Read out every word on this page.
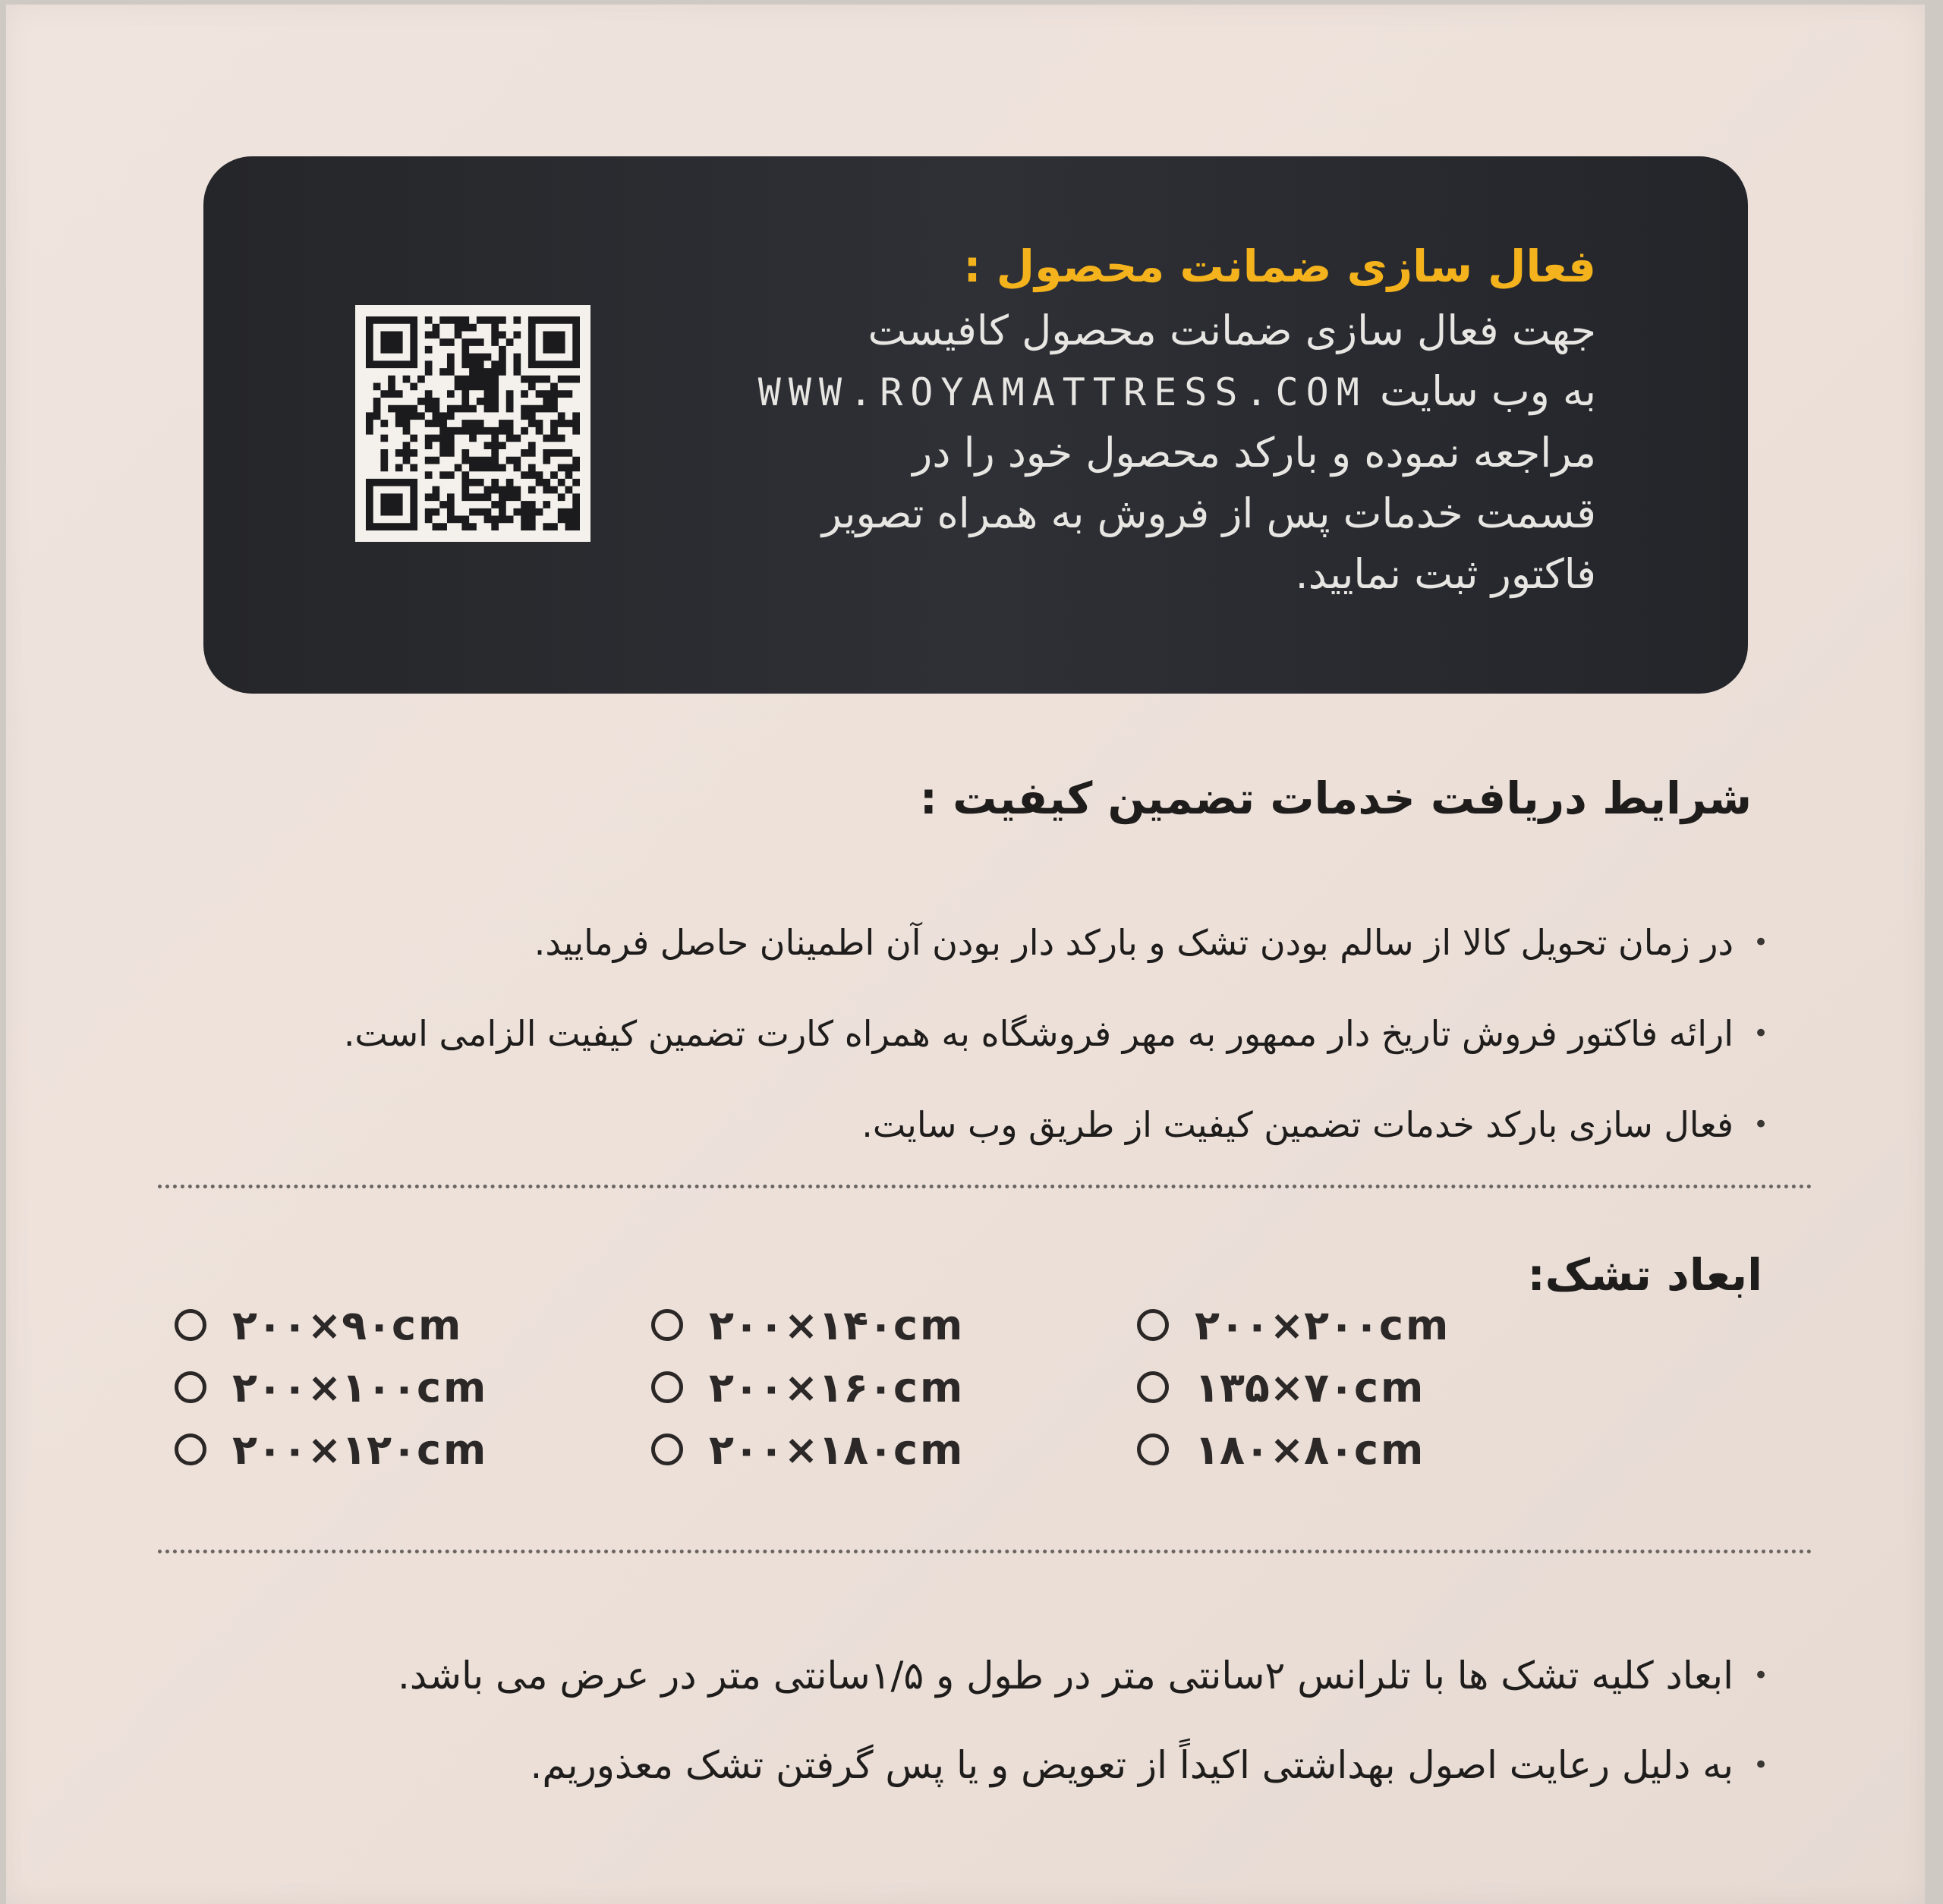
فعال سازی ضمانت محصول :
جهت فعال سازی ضمانت محصول کافیست
به وب سایت WWW.ROYAMATTRESS.COM
مراجعه نموده و بارکد محصول خود را در
قسمت خدمات پس از فروش به همراه تصویر
فاکتور ثبت نمایید.
شرایط دریافت خدمات تضمین کیفیت :
• در زمان تحویل کالا از سالم بودن تشک و بارکد دار بودن آن اطمینان حاصل فرمایید.
• ارائه فاکتور فروش تاریخ دار ممهور به مهر فروشگاه به همراه کارت تضمین کیفیت الزامی است.
• فعال سازی بارکد خدمات تضمین کیفیت از طریق وب سایت.
ابعاد تشک:
۲۰۰×۹۰cm
۲۰۰×۱۰۰cm
۲۰۰×۱۲۰cm
۲۰۰×۱۴۰cm
۲۰۰×۱۶۰cm
۲۰۰×۱۸۰cm
۲۰۰×۲۰۰cm
۱۳۵×۷۰cm
۱۸۰×۸۰cm
• ابعاد کلیه تشک ها با تلرانس ۲سانتی متر در طول و ۱/۵سانتی متر در عرض می باشد.
• به دلیل رعایت اصول بهداشتی اکیداً از تعویض و یا پس گرفتن تشک معذوریم.
